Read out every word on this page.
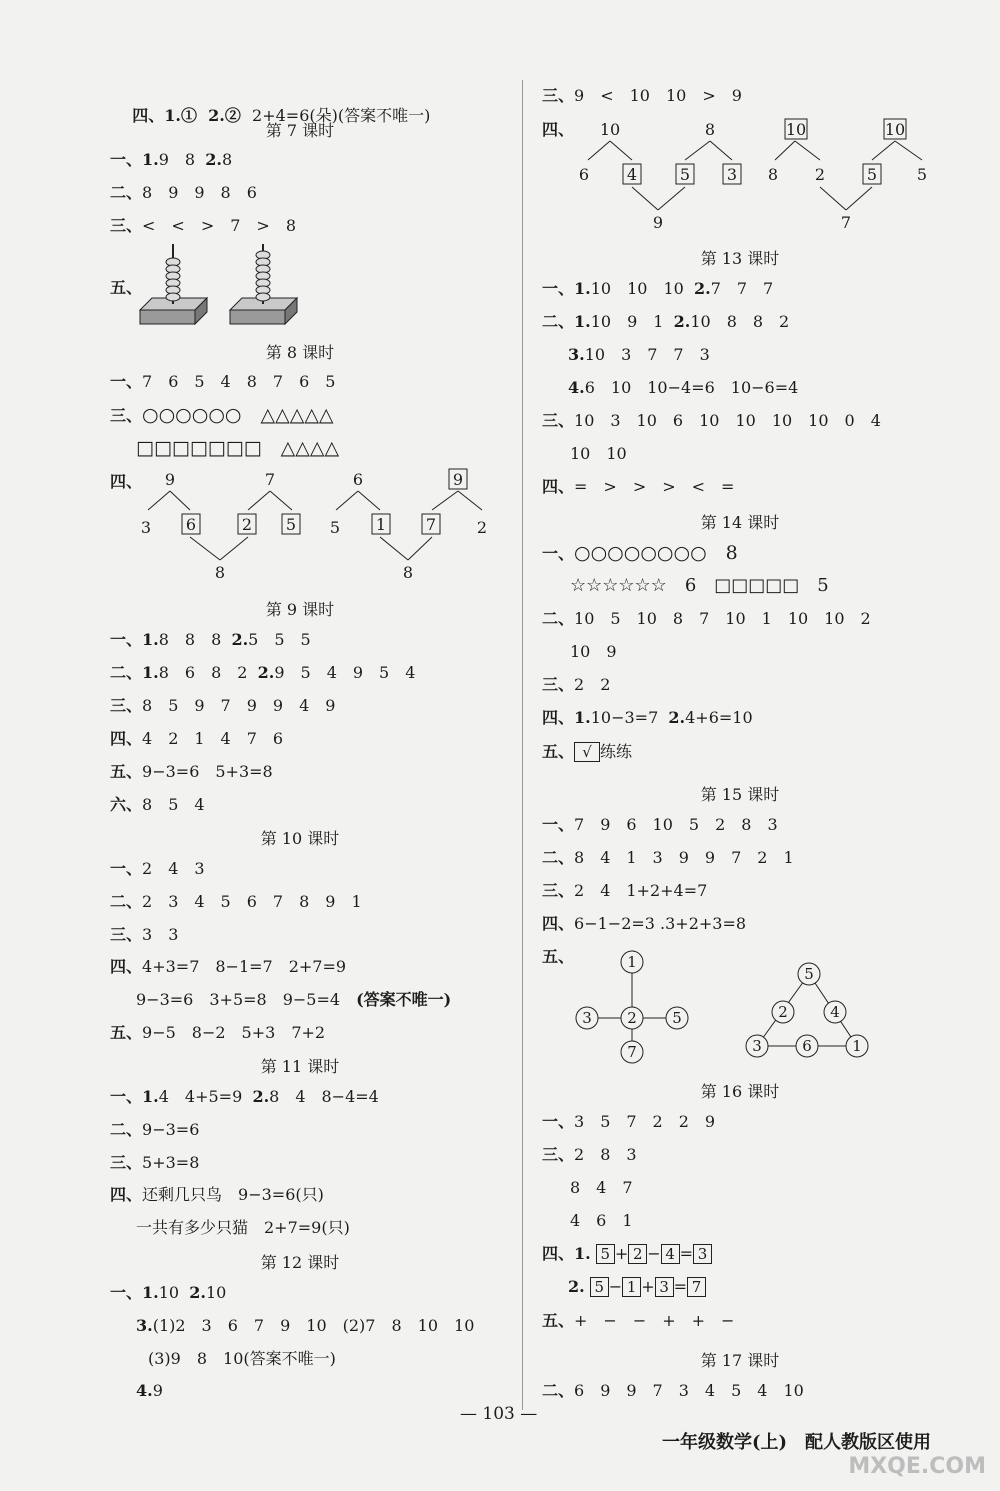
四、1.① 2.② 2+4=6(朵)(答案不唯一)

第 7 课时
一、1.9　8 2.8
二、8　9　9　8　6
三、<　<　>　7　>　8
五、
第 8 课时
一、7　6　5　4　8　7　6　5
三、○○○○○○　△△△△△
□□□□□□□　△△△△
四、 9
3 6
8
7
2 5
6
5 1
8
9
7	2
第 9 课时
一、1.8　8　8 2.5　5　5
二、1.8　6　8　2 2.9　5　4　9　5　4
三、8　5　9　7　9　9　4　9
四、4　2　1　4　7　6
五、9−3=6　5+3=8
六、8　5　4
第 10 课时
一、2　4　3
二、2　3　4　5　6　7　8　9　1
三、3　3
四、4+3=7　8−1=7　2+7=9
9−3=6　3+5=8　9−5=4　 (答案不唯一)
五、9−5　8−2　5+3　7+2
第 11 课时
一、1.4　4+5=9 2.8　4　8−4=4
二、9−3=6
三、5+3=8
四、还剩几只鸟　9−3=6(只)
一共有多少只猫　2+7=9(只)
第 12 课时
一、1.10 2.10
3.(1)2　3　6　7　9　10　(2)7　8　10　10
(3)9　8　10(答案不唯一)
4.9
三、9　<　10　10　>　9
四、 10
6 4
9
8
5 3
10
8 2
7
10
5 5
第 13 课时
一、1.10　10　10 2.7　7　7
二、1.10　9　1 2.10　8　8　2
3.10　3　7　7　3
4.6　10　10−4=6　10−6=4
三、10　3　10　6　10　10　10　10　0　4
10　10
四、=　>　>　>　<　=
第 14 课时
一、○○○○○○○○　8
☆☆☆☆☆☆　6　□□□□□　5
二、10　5　10　8　7　10　1　10　10　2
10　9
三、2　2
四、1.10−3=7 2.4+6=10
五、 √ 练练
第 15 课时
一、7　9　6　10　5　2　8　3
二、8　4　1　3　9　9　7　2　1
三、2　4　1+2+4=7
四、6−1−2=3 .3+2+3=8
五、	1
3 2 5
7
5
2	4
3	6	1
第 16 课时
一、3　5　7　2　2　9
三、2　8　3
8　4　7
4　6　1
四、1. 5 + 2 − 4 = 3
2. 5 − 1 + 3 = 7
五、+　−　−　+　+　−
第 17 课时
二、6　9　9　7　3　4　5　4　10
— 103 —
一年级数学(上)　配人教版区使用
MXQE.COM
